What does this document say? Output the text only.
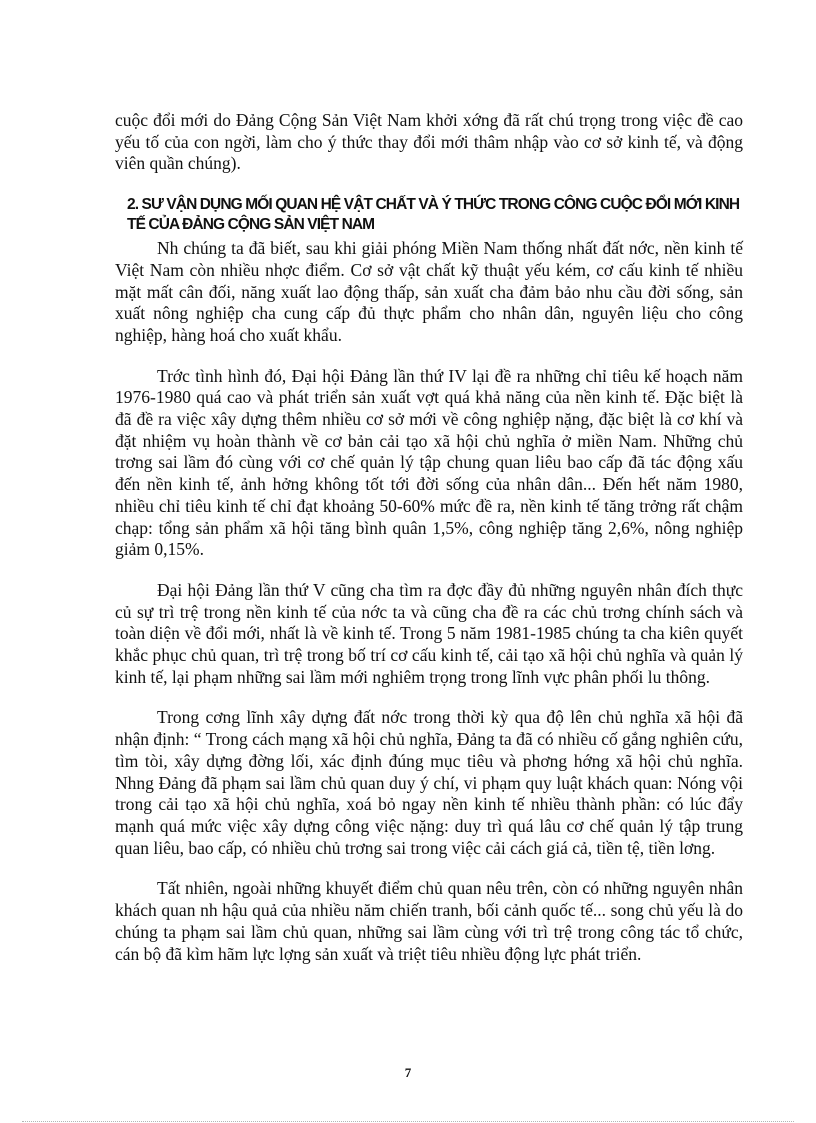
cuộc đổi mới do Đảng Cộng Sản Việt Nam khởi xớng đã rất chú trọng trong việc đề cao yếu tố của con ngời, làm cho ý thức thay đổi mới thâm nhập vào cơ sở kinh tế, và động viên quần chúng).

2. SƯ VẬN DỤNG MỐI QUAN HỆ VẬT CHẤT VÀ Ý THỨC TRONG CÔNG CUỘC ĐỔI MỚI KINH TẾ CỦA ĐẢNG CỘNG SẢN VIỆT NAM

Nh chúng ta đã biết, sau khi giải phóng Miền Nam thống nhất đất nớc, nền kinh tế Việt Nam còn nhiều nhợc điểm. Cơ sở vật chất kỹ thuật yếu kém, cơ cấu kinh tế nhiều mặt mất cân đối, năng xuất lao động thấp, sản xuất cha đảm bảo nhu cầu đời sống, sản xuất nông nghiệp cha cung cấp đủ thực phẩm cho nhân dân, nguyên liệu cho công nghiệp, hàng hoá cho xuất khẩu.

Trớc tình hình đó, Đại hội Đảng lần thứ IV lại đề ra những chỉ tiêu kế hoạch năm 1976-1980 quá cao và phát triển sản xuất vợt quá khả năng của nền kinh tế. Đặc biệt là đã đề ra việc xây dựng thêm nhiều cơ sở mới về công nghiệp nặng, đặc biệt là cơ khí và đặt nhiệm vụ hoàn thành về cơ bản cải tạo xã hội chủ nghĩa ở miền Nam. Những chủ trơng sai lầm đó cùng với cơ chế quản lý tập chung quan liêu bao cấp đã tác động xấu đến nền kinh tế, ảnh hởng không tốt tới đời sống của nhân dân... Đến hết năm 1980, nhiều chỉ tiêu kinh tế chỉ đạt khoảng 50-60% mức đề ra, nền kinh tế tăng trởng rất chậm chạp: tổng sản phẩm xã hội tăng bình quân 1,5%, công nghiệp tăng 2,6%, nông nghiệp giảm 0,15%.

Đại hội Đảng lần thứ V cũng cha tìm ra đợc đầy đủ những nguyên nhân đích thực củ sự trì trệ trong nền kinh tế của nớc ta và cũng cha đề ra các chủ trơng chính sách và toàn diện về đổi mới, nhất là về kinh tế. Trong 5 năm 1981-1985 chúng ta cha kiên quyết khắc phục chủ quan, trì trệ trong bố trí cơ cấu kinh tế, cải tạo xã hội chủ nghĩa và quản lý kinh tế, lại phạm những sai lầm mới nghiêm trọng trong lĩnh vực phân phối lu thông.

Trong cơng lĩnh xây dựng đất nớc trong thời kỳ qua độ lên chủ nghĩa xã hội đã nhận định: “ Trong cách mạng xã hội chủ nghĩa, Đảng ta đã có nhiều cố gắng nghiên cứu, tìm tòi, xây dựng đờng lối, xác định đúng mục tiêu và phơng hớng xã hội chủ nghĩa. Nhng Đảng đã phạm sai lầm chủ quan duy ý chí, vi phạm quy luật khách quan: Nóng vội trong cải tạo xã hội chủ nghĩa, xoá bỏ ngay nền kinh tế nhiều thành phần: có lúc đẩy mạnh quá mức việc xây dựng công việc nặng: duy trì quá lâu cơ chế quản lý tập trung quan liêu, bao cấp, có nhiều chủ trơng sai trong việc cải cách giá cả, tiền tệ, tiền lơng.

Tất nhiên, ngoài những khuyết điểm chủ quan nêu trên, còn có những nguyên nhân khách quan nh hậu quả của nhiều năm chiến tranh, bối cảnh quốc tế... song chủ yếu là do chúng ta phạm sai lầm chủ quan, những sai lầm cùng với trì trệ trong công tác tổ chức, cán bộ đã kìm hãm lực lợng sản xuất và triệt tiêu nhiều động lực phát triển.

7
